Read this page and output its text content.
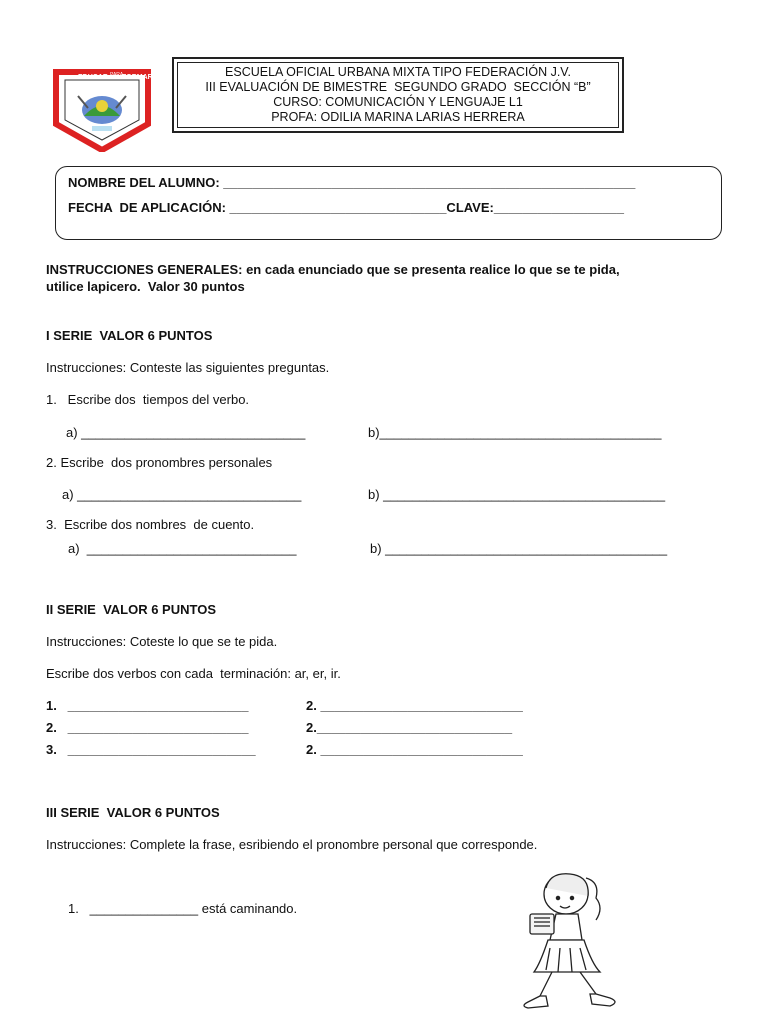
EDUCAR PARA
FORMAR	ESCUELA OFICIAL URBANA MIXTA TIPO FEDERACIÓN J.V.
III EVALUACIÓN DE BIMESTRE  SEGUNDO GRADO  SECCIÓN “B”
CURSO: COMUNICACIÓN Y LENGUAJE L1
PROFA: ODILIA MARINA LARIAS HERRERA
NOMBRE DEL ALUMNO: _________________________________________________________
FECHA  DE APLICACIÓN: ______________________________CLAVE:__________________
INSTRUCCIONES GENERALES: en cada enunciado que se presenta realice lo que se te pida,
utilice lapicero.  Valor 30 puntos
I SERIE  VALOR 6 PUNTOS
Instrucciones: Conteste las siguientes preguntas.
1.   Escribe dos  tiempos del verbo.
a) _______________________________	b)_______________________________________
2. Escribe  dos pronombres personales
a) _______________________________	b) _______________________________________
3.  Escribe dos nombres  de cuento.
a)  _____________________________	b) _______________________________________
II SERIE  VALOR 6 PUNTOS
Instrucciones: Coteste lo que se te pida.
Escribe dos verbos con cada  terminación: ar, er, ir.
1.   _________________________	2. ____________________________
2.   _________________________	2.___________________________
3.   __________________________	2. ____________________________
III SERIE  VALOR 6 PUNTOS
Instrucciones: Complete la frase, esribiendo el pronombre personal que corresponde.
1.   _______________ está caminando.
